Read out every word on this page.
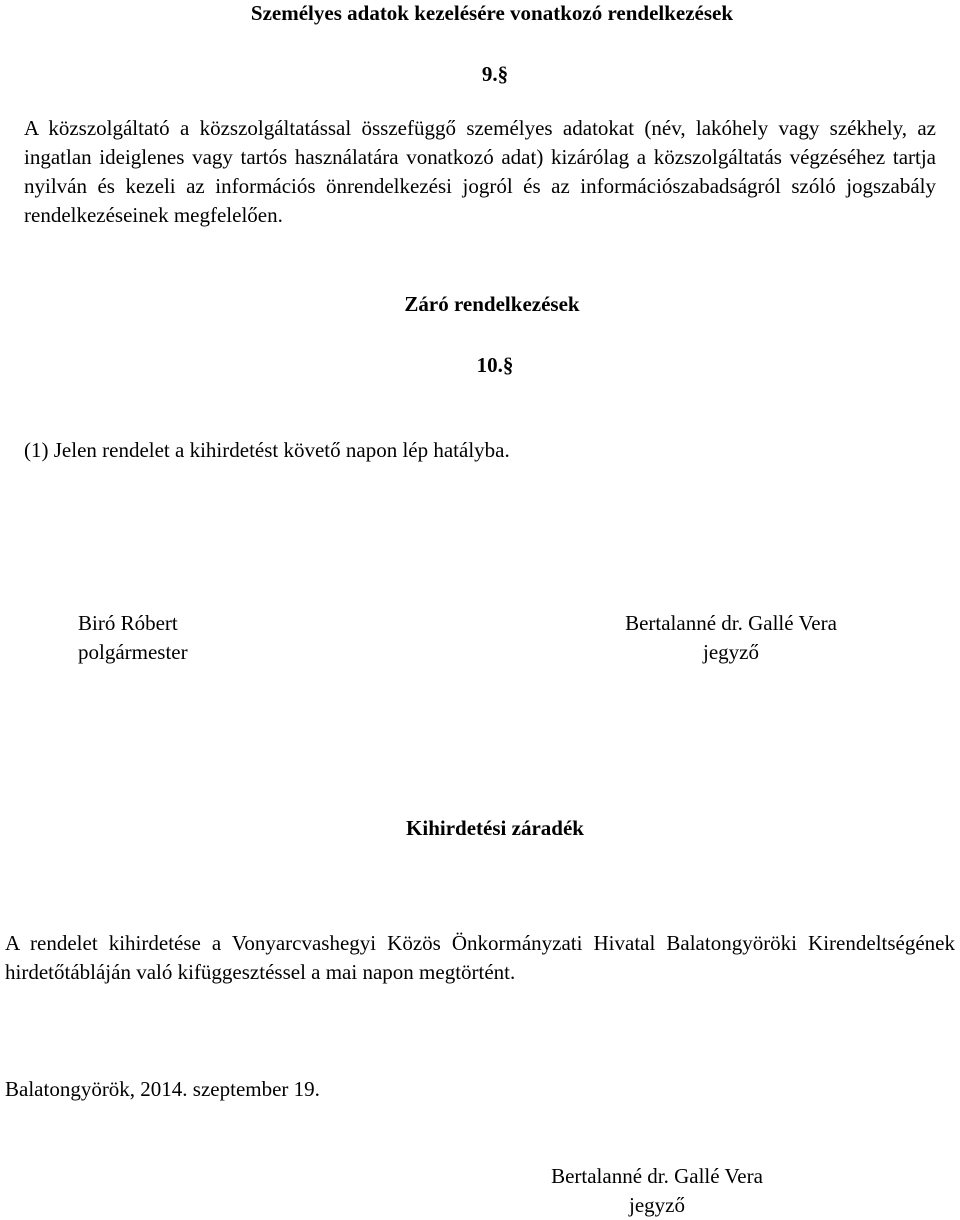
Személyes adatok kezelésére vonatkozó rendelkezések

9.§

A közszolgáltató a közszolgáltatással összefüggő személyes adatokat (név, lakóhely vagy székhely, az ingatlan ideiglenes vagy tartós használatára vonatkozó adat) kizárólag a közszolgáltatás végzéséhez tartja nyilván és kezeli az információs önrendelkezési jogról és az információszabadságról szóló jogszabály rendelkezéseinek megfelelően.

Záró rendelkezések

10.§

(1) Jelen rendelet a kihirdetést követő napon lép hatályba.

Biró Róbert
polgármester
Bertalanné dr. Gallé Vera
jegyző

Kihirdetési záradék

A rendelet kihirdetése a Vonyarcvashegyi Közös Önkormányzati Hivatal Balatongyöröki Kirendeltségének hirdetőtábláján való kifüggesztéssel a mai napon megtörtént.

Balatongyörök, 2014. szeptember 19.

Bertalanné dr. Gallé Vera
jegyző
